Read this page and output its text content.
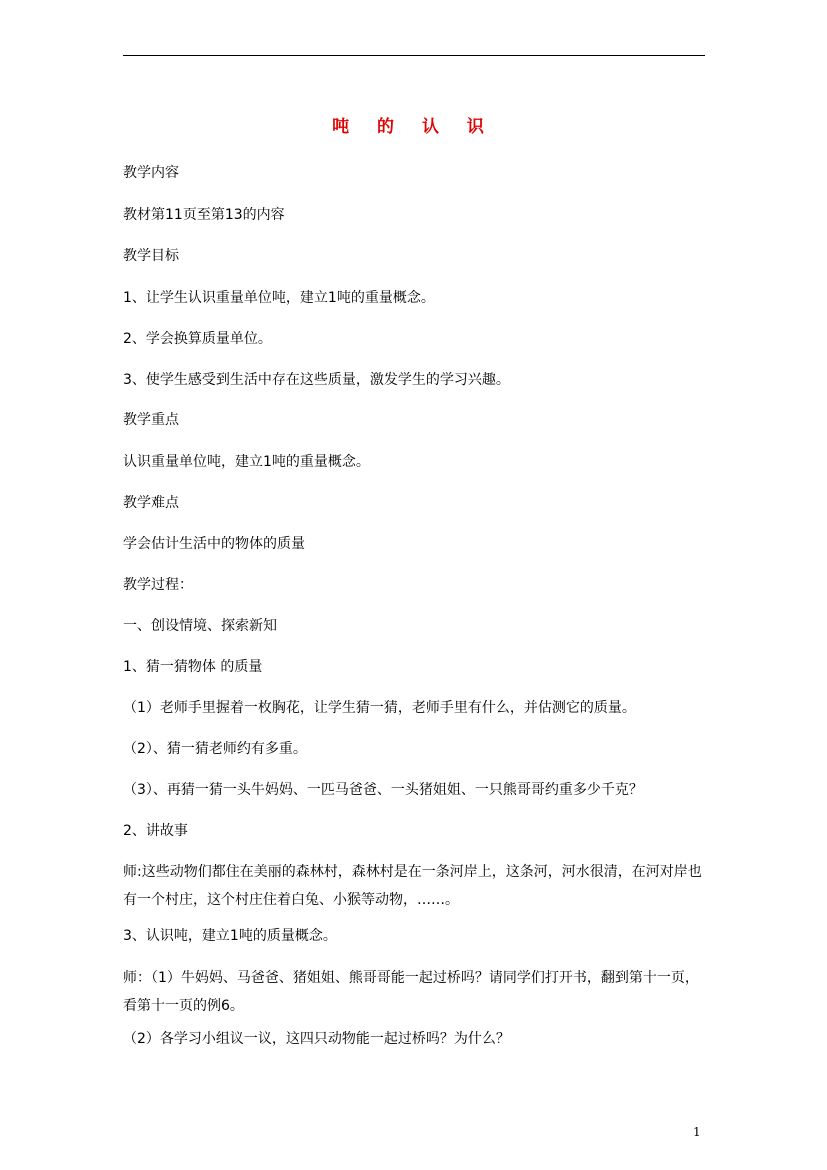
吨 的 认 识
教学内容
教材第11页至第13的内容
教学目标
1、让学生认识重量单位吨，建立1吨的重量概念。
2、学会换算质量单位。
3、使学生感受到生活中存在这些质量，激发学生的学习兴趣。
教学重点
认识重量单位吨，建立1吨的重量概念。
教学难点
学会估计生活中的物体的质量
教学过程：
一、创设情境、探索新知
1、猜一猜物体 的质量
（1）老师手里握着一枚胸花，让学生猜一猜，老师手里有什么，并估测它的质量。
（2）、猜一猜老师约有多重。
（3）、再猜一猜一头牛妈妈、一匹马爸爸、一头猪姐姐、一只熊哥哥约重多少千克？
2、讲故事
师:这些动物们都住在美丽的森林村，森林村是在一条河岸上，这条河，河水很清，在河对岸也有一个村庄，这个村庄住着白兔、小猴等动物，……。
3、认识吨，建立1吨的质量概念。
师：（1）牛妈妈、马爸爸、猪姐姐、熊哥哥能一起过桥吗？请同学们打开书，翻到第十一页，看第十一页的例6。
（2）各学习小组议一议，这四只动物能一起过桥吗？为什么？
1
